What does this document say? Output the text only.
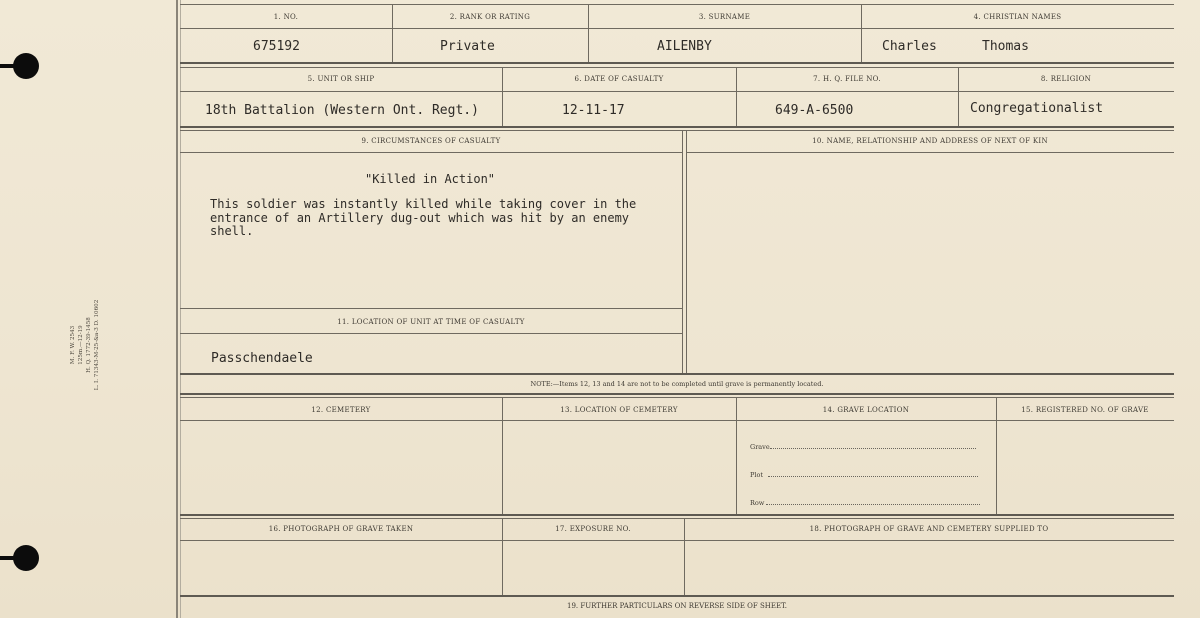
M. F. W. 2543 125m.—12-19 H. Q. 1772-39-1458 L. I. 71343-M-25-&a-3 D. 10602
1. NO.	2. RANK OR RATING	3. SURNAME	4. CHRISTIAN NAMES
675192	Private	AILENBY	Charles	Thomas
5. UNIT OR SHIP	6. DATE OF CASUALTY	7. H. Q. FILE NO.	8. RELIGION
18th Battalion (Western Ont. Regt.)	12-11-17	649-A-6500	Congregationalist
9. CIRCUMSTANCES OF CASUALTY	10. NAME, RELATIONSHIP AND ADDRESS OF NEXT OF KIN
"Killed in Action"
This soldier was instantly killed while taking cover in the
entrance of an Artillery dug-out which was hit by an enemy
shell.
11. LOCATION OF UNIT AT TIME OF CASUALTY
Passchendaele
NOTE:—Items 12, 13 and 14 are not to be completed until grave is permanently located.
12. CEMETERY	13. LOCATION OF CEMETERY	14. GRAVE LOCATION	15. REGISTERED NO. OF GRAVE
Grave
Plot
Row
16. PHOTOGRAPH OF GRAVE TAKEN	17. EXPOSURE NO.	18. PHOTOGRAPH OF GRAVE AND CEMETERY SUPPLIED TO
19. FURTHER PARTICULARS ON REVERSE SIDE OF SHEET.
